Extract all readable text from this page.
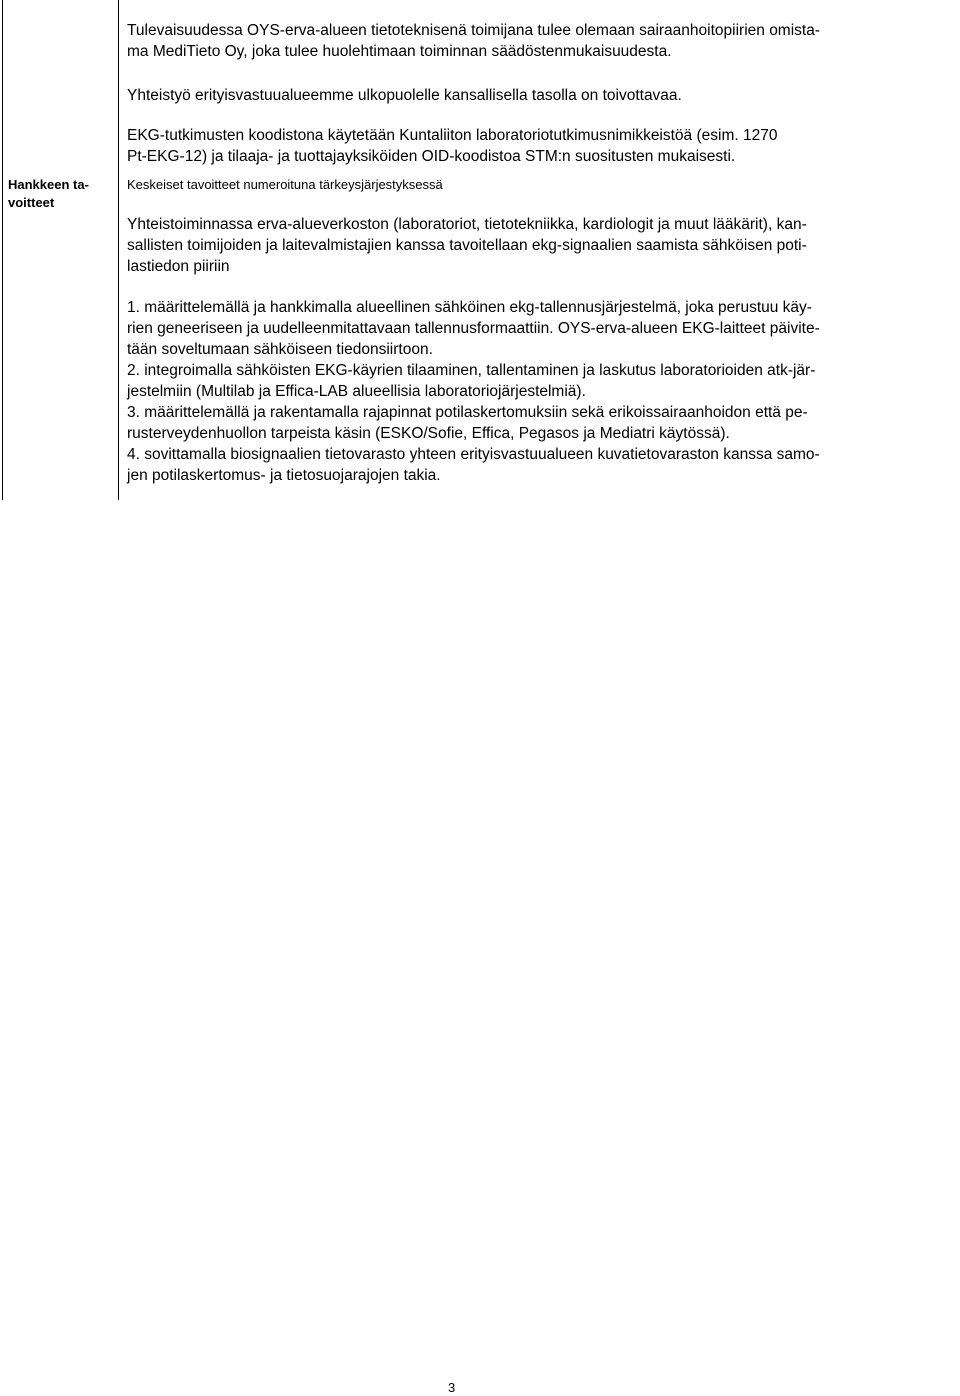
Hankkeen ta-
voitteet

Tulevaisuudessa OYS-erva-alueen tietoteknisenä toimijana tulee olemaan sairaanhoitopiirien omista-

ma MediTieto Oy, joka tulee huolehtimaan toiminnan säädöstenmukaisuudesta.

Yhteistyö erityisvastuualueemme ulkopuolelle kansallisella tasolla on toivottavaa.

EKG-tutkimusten koodistona käytetään Kuntaliiton laboratoriotutkimusnimikkeistöä (esim. 1270

Pt-EKG-12) ja tilaaja- ja tuottajayksiköiden OID-koodistoa STM:n suositusten mukaisesti.

Keskeiset tavoitteet numeroituna tärkeysjärjestyksessä

Yhteistoiminnassa erva-alueverkoston (laboratoriot, tietotekniikka, kardiologit ja muut lääkärit), kan-

sallisten toimijoiden ja laitevalmistajien kanssa tavoitellaan ekg-signaalien saamista sähköisen poti-

lastiedon piiriin

1. määrittelemällä ja hankkimalla alueellinen sähköinen ekg-tallennusjärjestelmä, joka perustuu käy-

rien geneeriseen ja uudelleenmitattavaan tallennusformaattiin. OYS-erva-alueen EKG-laitteet päivite-

tään soveltumaan sähköiseen tiedonsiirtoon.

2. integroimalla sähköisten EKG-käyrien tilaaminen, tallentaminen ja laskutus laboratorioiden atk-jär-

jestelmiin (Multilab ja Effica-LAB alueellisia laboratoriojärjestelmiä).

3. määrittelemällä ja rakentamalla rajapinnat potilaskertomuksiin sekä erikoissairaanhoidon että pe-

rusterveydenhuollon tarpeista käsin (ESKO/Sofie, Effica, Pegasos ja Mediatri käytössä).

4. sovittamalla biosignaalien tietovarasto yhteen erityisvastuualueen kuvatietovaraston kanssa samo-

jen potilaskertomus- ja tietosuojarajojen takia.

3
